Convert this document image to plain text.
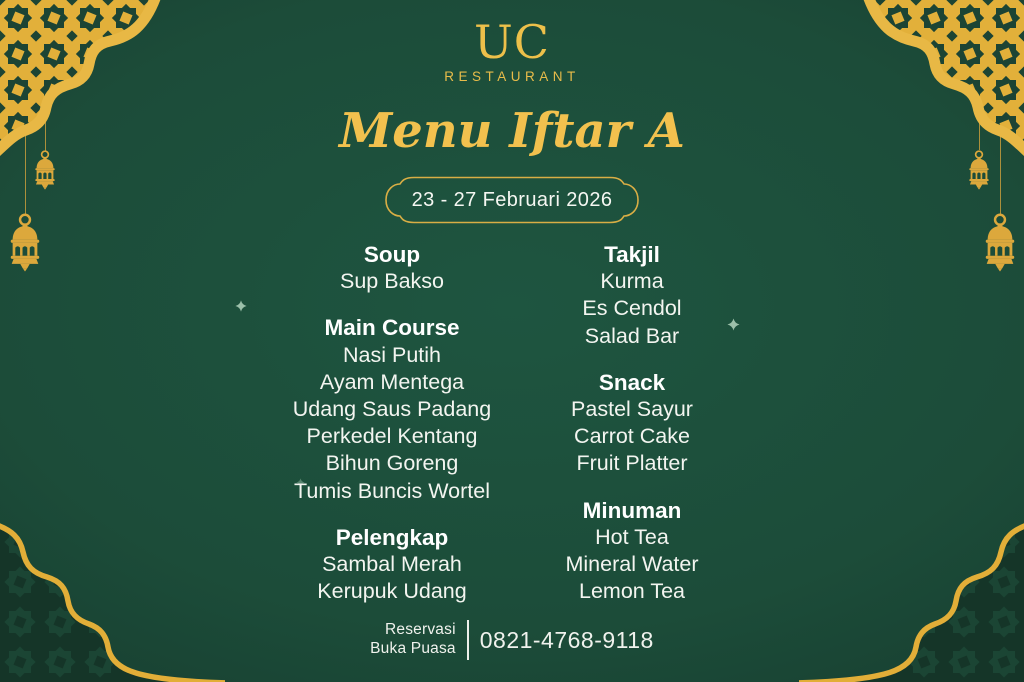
UC
RESTAURANT
Menu Iftar A
23 - 27 Februari 2026
Soup
Sup Bakso
Main Course
Nasi Putih
Ayam Mentega
Udang Saus Padang
Perkedel Kentang
Bihun Goreng
Tumis Buncis Wortel
Pelengkap
Sambal Merah
Kerupuk Udang
Takjil
Kurma
Es Cendol
Salad Bar
Snack
Pastel Sayur
Carrot Cake
Fruit Platter
Minuman
Hot Tea
Mineral Water
Lemon Tea
Reservasi
Buka Puasa 0821-4768-9118
